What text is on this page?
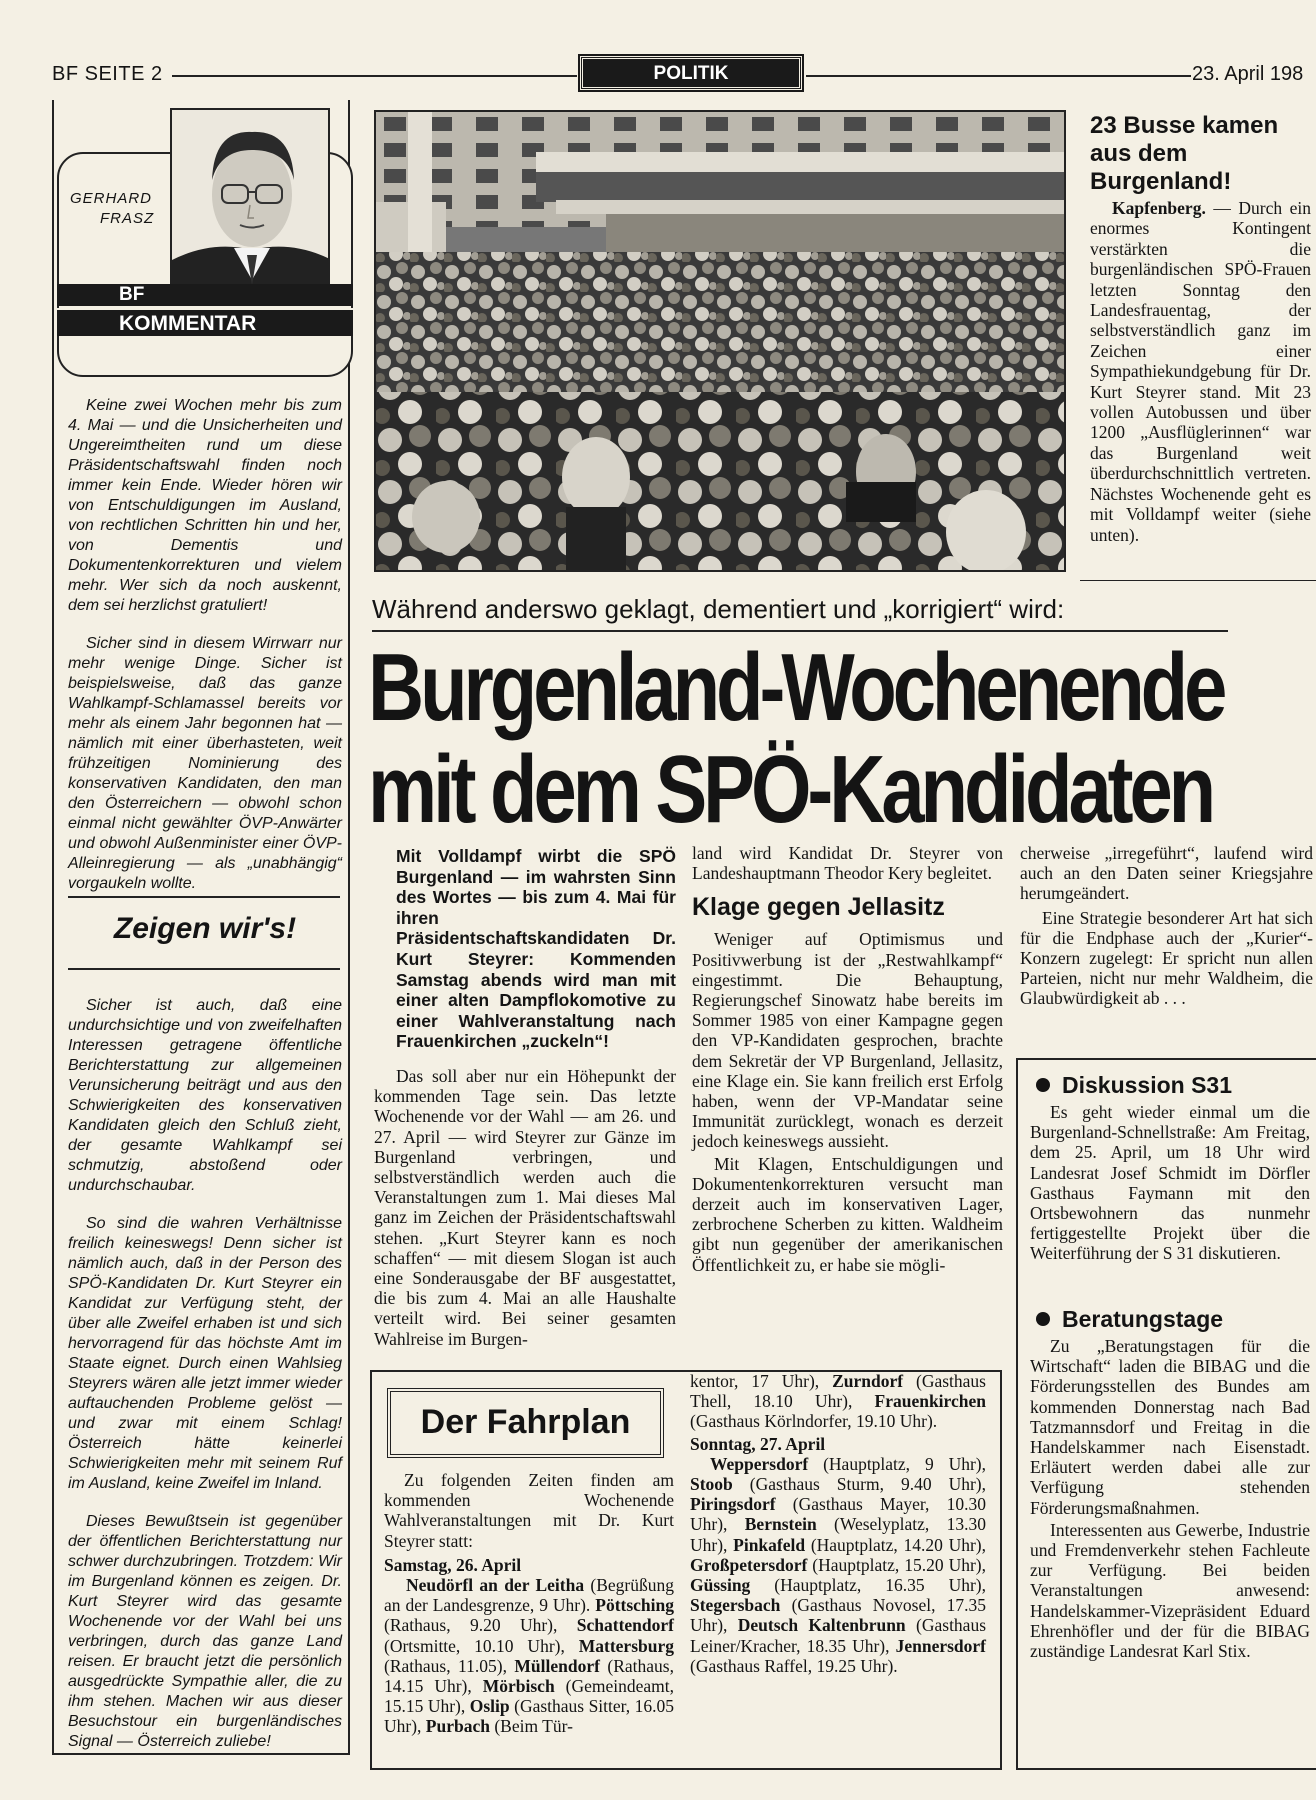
BF SEITE 2	POLITIK	23. April 198
GERHARD
FRASZ
BF
KOMMENTAR

Keine zwei Wochen mehr bis zum 4. Mai — und die Unsicherheiten und Ungereimtheiten rund um diese Präsidentschaftswahl finden noch immer kein Ende. Wieder hören wir von Entschuldigungen im Ausland, von rechtlichen Schritten hin und her, von Dementis und Dokumentenkorrekturen und vielem mehr. Wer sich da noch auskennt, dem sei herzlichst gratuliert!

Sicher sind in diesem Wirrwarr nur mehr wenige Dinge. Sicher ist beispielsweise, daß das ganze Wahlkampf-Schlamassel bereits vor mehr als einem Jahr begonnen hat — nämlich mit einer überhasteten, weit frühzeitigen Nominierung des konservativen Kandidaten, den man den Österreichern — obwohl schon einmal nicht gewählter ÖVP-Anwärter und obwohl Außenminister einer ÖVP-Alleinregierung — als „unabhängig“ vorgaukeln wollte.

Zeigen wir's!

Sicher ist auch, daß eine undurchsichtige und von zweifelhaften Interessen getragene öffentliche Berichterstattung zur allgemeinen Verunsicherung beiträgt und aus den Schwierigkeiten des konservativen Kandidaten gleich den Schluß zieht, der gesamte Wahlkampf sei schmutzig, abstoßend oder undurchschaubar.

So sind die wahren Verhältnisse freilich keineswegs! Denn sicher ist nämlich auch, daß in der Person des SPÖ-Kandidaten Dr. Kurt Steyrer ein Kandidat zur Verfügung steht, der über alle Zweifel erhaben ist und sich hervorragend für das höchste Amt im Staate eignet. Durch einen Wahlsieg Steyrers wären alle jetzt immer wieder auftauchenden Probleme gelöst — und zwar mit einem Schlag! Österreich hätte keinerlei Schwierigkeiten mehr mit seinem Ruf im Ausland, keine Zweifel im Inland.

Dieses Bewußtsein ist gegenüber der öffentlichen Berichterstattung nur schwer durchzubringen. Trotzdem: Wir im Burgenland können es zeigen. Dr. Kurt Steyrer wird das gesamte Wochenende vor der Wahl bei uns verbringen, durch das ganze Land reisen. Er braucht jetzt die persönlich ausgedrückte Sympathie aller, die zu ihm stehen. Machen wir aus dieser Besuchstour ein burgenländisches Signal — Österreich zuliebe!

23 Busse kamen aus dem Burgenland!
Kapfenberg. — Durch ein enormes Kontingent verstärkten die burgenländischen SPÖ-Frauen letzten Sonntag den Landesfrauentag, der selbstverständlich ganz im Zeichen einer Sympathiekundgebung für Dr. Kurt Steyrer stand. Mit 23 vollen Autobussen und über 1200 „Ausflüglerinnen“ war das Burgenland weit überdurchschnittlich vertreten. Nächstes Wochenende geht es mit Volldampf weiter (siehe unten).
Während anderswo geklagt, dementiert und „korrigiert“ wird:
Burgenland-Wochenende
mit dem SPÖ-Kandidaten

Mit Volldampf wirbt die SPÖ Burgenland — im wahrsten Sinn des Wortes — bis zum 4. Mai für ihren Präsidentschaftskandidaten Dr. Kurt Steyrer: Kommenden Samstag abends wird man mit einer alten Dampflokomotive zu einer Wahlveranstaltung nach Frauenkirchen „zuckeln“!

Das soll aber nur ein Höhepunkt der kommenden Tage sein. Das letzte Wochenende vor der Wahl — am 26. und 27. April — wird Steyrer zur Gänze im Burgenland verbringen, und selbstverständlich werden auch die Veranstaltungen zum 1. Mai dieses Mal ganz im Zeichen der Präsidentschaftswahl stehen. „Kurt Steyrer kann es noch schaffen“ — mit diesem Slogan ist auch eine Sonderausgabe der BF ausgestattet, die bis zum 4. Mai an alle Haushalte verteilt wird. Bei seiner gesamten Wahlreise im Burgen-

land wird Kandidat Dr. Steyrer von Landeshauptmann Theodor Kery begleitet.

Klage gegen Jellasitz

Weniger auf Optimismus und Positivwerbung ist der „Restwahlkampf“ eingestimmt. Die Behauptung, Regierungschef Sinowatz habe bereits im Sommer 1985 von einer Kampagne gegen den VP-Kandidaten gesprochen, brachte dem Sekretär der VP Burgenland, Jellasitz, eine Klage ein. Sie kann freilich erst Erfolg haben, wenn der VP-Mandatar seine Immunität zurücklegt, wonach es derzeit jedoch keineswegs aussieht.

Mit Klagen, Entschuldigungen und Dokumentenkorrekturen versucht man derzeit auch im konservativen Lager, zerbrochene Scherben zu kitten. Waldheim gibt nun gegenüber der amerikanischen Öffentlichkeit zu, er habe sie mögli-

cherweise „irregeführt“, laufend wird auch an den Daten seiner Kriegsjahre herumgeändert.

Eine Strategie besonderer Art hat sich für die Endphase auch der „Kurier“-Konzern zugelegt: Er spricht nun allen Parteien, nicht nur mehr Waldheim, die Glaubwürdigkeit ab . . .

Der Fahrplan

Zu folgenden Zeiten finden am kommenden Wochenende Wahlveranstaltungen mit Dr. Kurt Steyrer statt:

Samstag, 26. April

Neudörfl an der Leitha (Begrüßung an der Landesgrenze, 9 Uhr). Pöttsching (Rathaus, 9.20 Uhr), Schattendorf (Ortsmitte, 10.10 Uhr), Mattersburg (Rathaus, 11.05), Müllendorf (Rathaus, 14.15 Uhr), Mörbisch (Gemeindeamt, 15.15 Uhr), Oslip (Gasthaus Sitter, 16.05 Uhr), Purbach (Beim Tür-

kentor, 17 Uhr), Zurndorf (Gasthaus Thell, 18.10 Uhr), Frauenkirchen (Gasthaus Körlndorfer, 19.10 Uhr).

Sonntag, 27. April

Weppersdorf (Hauptplatz, 9 Uhr), Stoob (Gasthaus Sturm, 9.40 Uhr), Piringsdorf (Gasthaus Mayer, 10.30 Uhr), Bernstein (Weselyplatz, 13.30 Uhr), Pinkafeld (Hauptplatz, 14.20 Uhr), Großpetersdorf (Hauptplatz, 15.20 Uhr), Güssing (Hauptplatz, 16.35 Uhr), Stegersbach (Gasthaus Novosel, 17.35 Uhr), Deutsch Kaltenbrunn (Gasthaus Leiner/Kracher, 18.35 Uhr), Jennersdorf (Gasthaus Raffel, 19.25 Uhr).

Diskussion S31
Es geht wieder einmal um die Burgenland-Schnellstraße: Am Freitag, dem 25. April, um 18 Uhr wird Landesrat Josef Schmidt im Dörfler Gasthaus Faymann mit den Ortsbewohnern das nunmehr fertiggestellte Projekt über die Weiterführung der S 31 diskutieren.
Beratungstage

Zu „Beratungstagen für die Wirtschaft“ laden die BIBAG und die Förderungsstellen des Bundes am kommenden Donnerstag nach Bad Tatzmannsdorf und Freitag in die Handelskammer nach Eisenstadt. Erläutert werden dabei alle zur Verfügung stehenden Förderungsmaßnahmen.

Interessenten aus Gewerbe, Industrie und Fremdenverkehr stehen Fachleute zur Verfügung. Bei beiden Veranstaltungen anwesend: Handelskammer-Vizepräsident Eduard Ehrenhöfler und der für die BIBAG zuständige Landesrat Karl Stix.
